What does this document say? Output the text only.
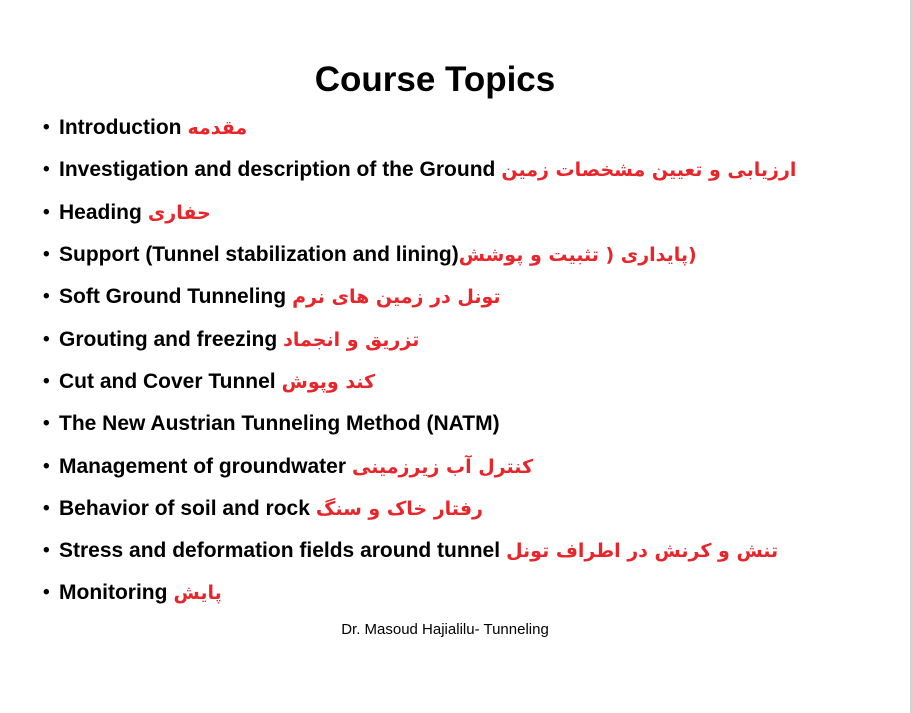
Course Topics
• Introduction مقدمه
• Investigation and description of the Ground ارزیابی و تعیین مشخصات زمین
• Heading حفاری
• Support (Tunnel stabilization and lining) (پایداری ( تثبیت و پوشش
• Soft Ground Tunneling تونل در زمین های نرم
• Grouting and freezing تزریق و انجماد
• Cut and Cover Tunnel کند وپوش
• The New Austrian Tunneling Method (NATM)
• Management of groundwater کنترل آب زیرزمینی
• Behavior of soil and rock رفتار خاک و سنگ
• Stress and deformation fields around tunnel تنش و کرنش در اطراف تونل
• Monitoring پایش
Dr. Masoud Hajialilu- Tunneling
